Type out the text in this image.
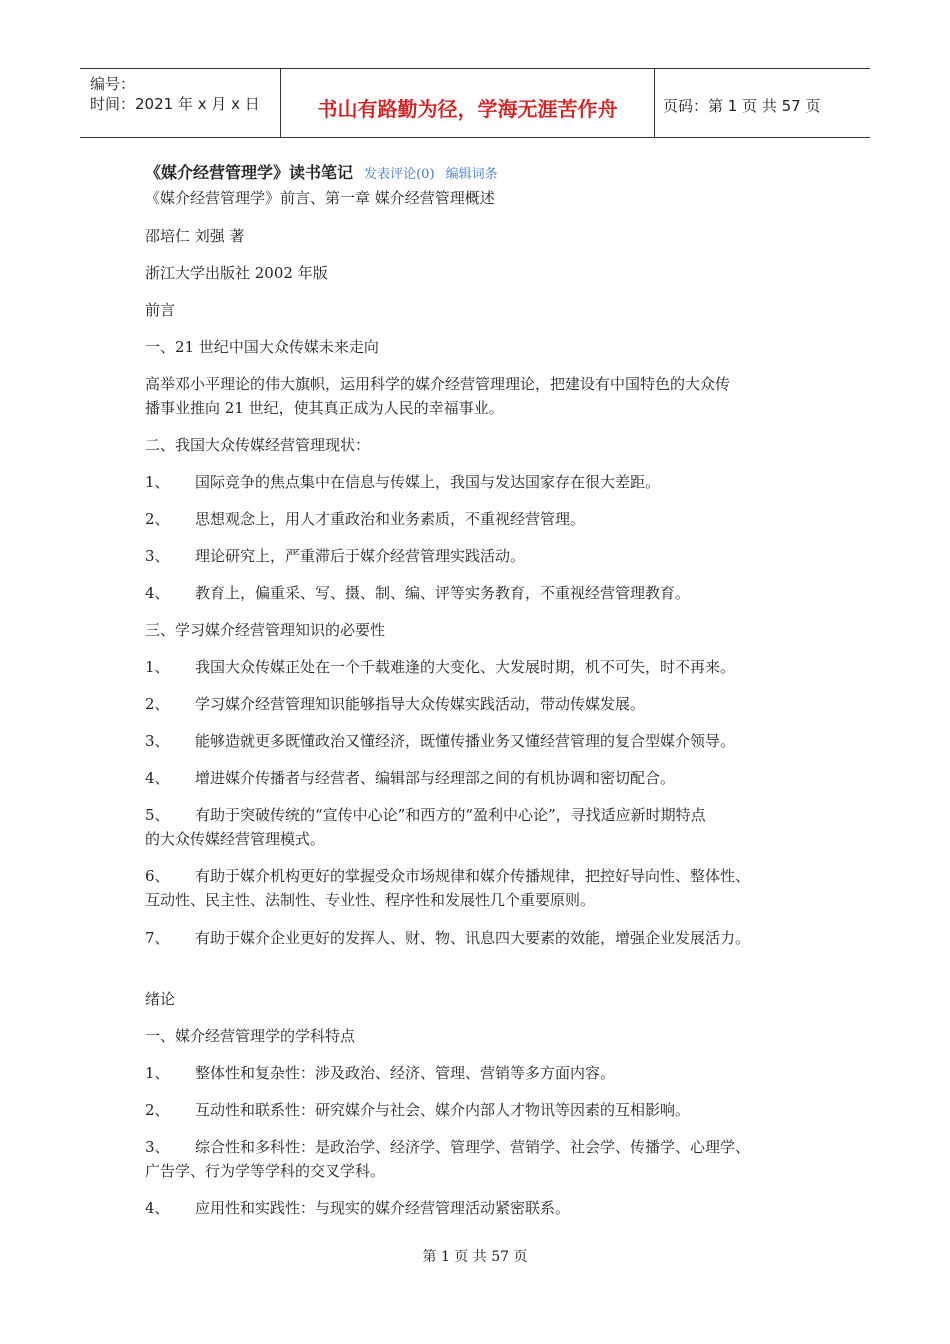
编号：
时间：2021 年 x 月 x 日	书山有路勤为径，学海无涯苦作舟	页码：第 1 页 共 57 页
《媒介经营管理学》读书笔记 发表评论(0) 编辑词条
《媒介经营管理学》前言、第一章 媒介经营管理概述
邵培仁 刘强 著
浙江大学出版社 2002 年版
前言
一、21 世纪中国大众传媒未来走向
高举邓小平理论的伟大旗帜，运用科学的媒介经营管理理论，把建设有中国特色的大众传
播事业推向 21 世纪，使其真正成为人民的幸福事业。
二、我国大众传媒经营管理现状：
1、 国际竞争的焦点集中在信息与传媒上，我国与发达国家存在很大差距。
2、 思想观念上，用人才重政治和业务素质，不重视经营管理。
3、 理论研究上，严重滞后于媒介经营管理实践活动。
4、 教育上，偏重采、写、摄、制、编、评等实务教育，不重视经营管理教育。
三、学习媒介经营管理知识的必要性
1、 我国大众传媒正处在一个千载难逢的大变化、大发展时期，机不可失，时不再来。
2、 学习媒介经营管理知识能够指导大众传媒实践活动，带动传媒发展。
3、 能够造就更多既懂政治又懂经济，既懂传播业务又懂经营管理的复合型媒介领导。
4、 增进媒介传播者与经营者、编辑部与经理部之间的有机协调和密切配合。
5、 有助于突破传统的“宣传中心论”和西方的“盈利中心论”，寻找适应新时期特点
的大众传媒经营管理模式。
6、 有助于媒介机构更好的掌握受众市场规律和媒介传播规律，把控好导向性、整体性、
互动性、民主性、法制性、专业性、程序性和发展性几个重要原则。
7、 有助于媒介企业更好的发挥人、财、物、讯息四大要素的效能，增强企业发展活力。
绪论
一、媒介经营管理学的学科特点
1、 整体性和复杂性：涉及政治、经济、管理、营销等多方面内容。
2、 互动性和联系性：研究媒介与社会、媒介内部人才物讯等因素的互相影响。
3、 综合性和多科性：是政治学、经济学、管理学、营销学、社会学、传播学、心理学、
广告学、行为学等学科的交叉学科。
4、 应用性和实践性：与现实的媒介经营管理活动紧密联系。
第 1 页 共 57 页
